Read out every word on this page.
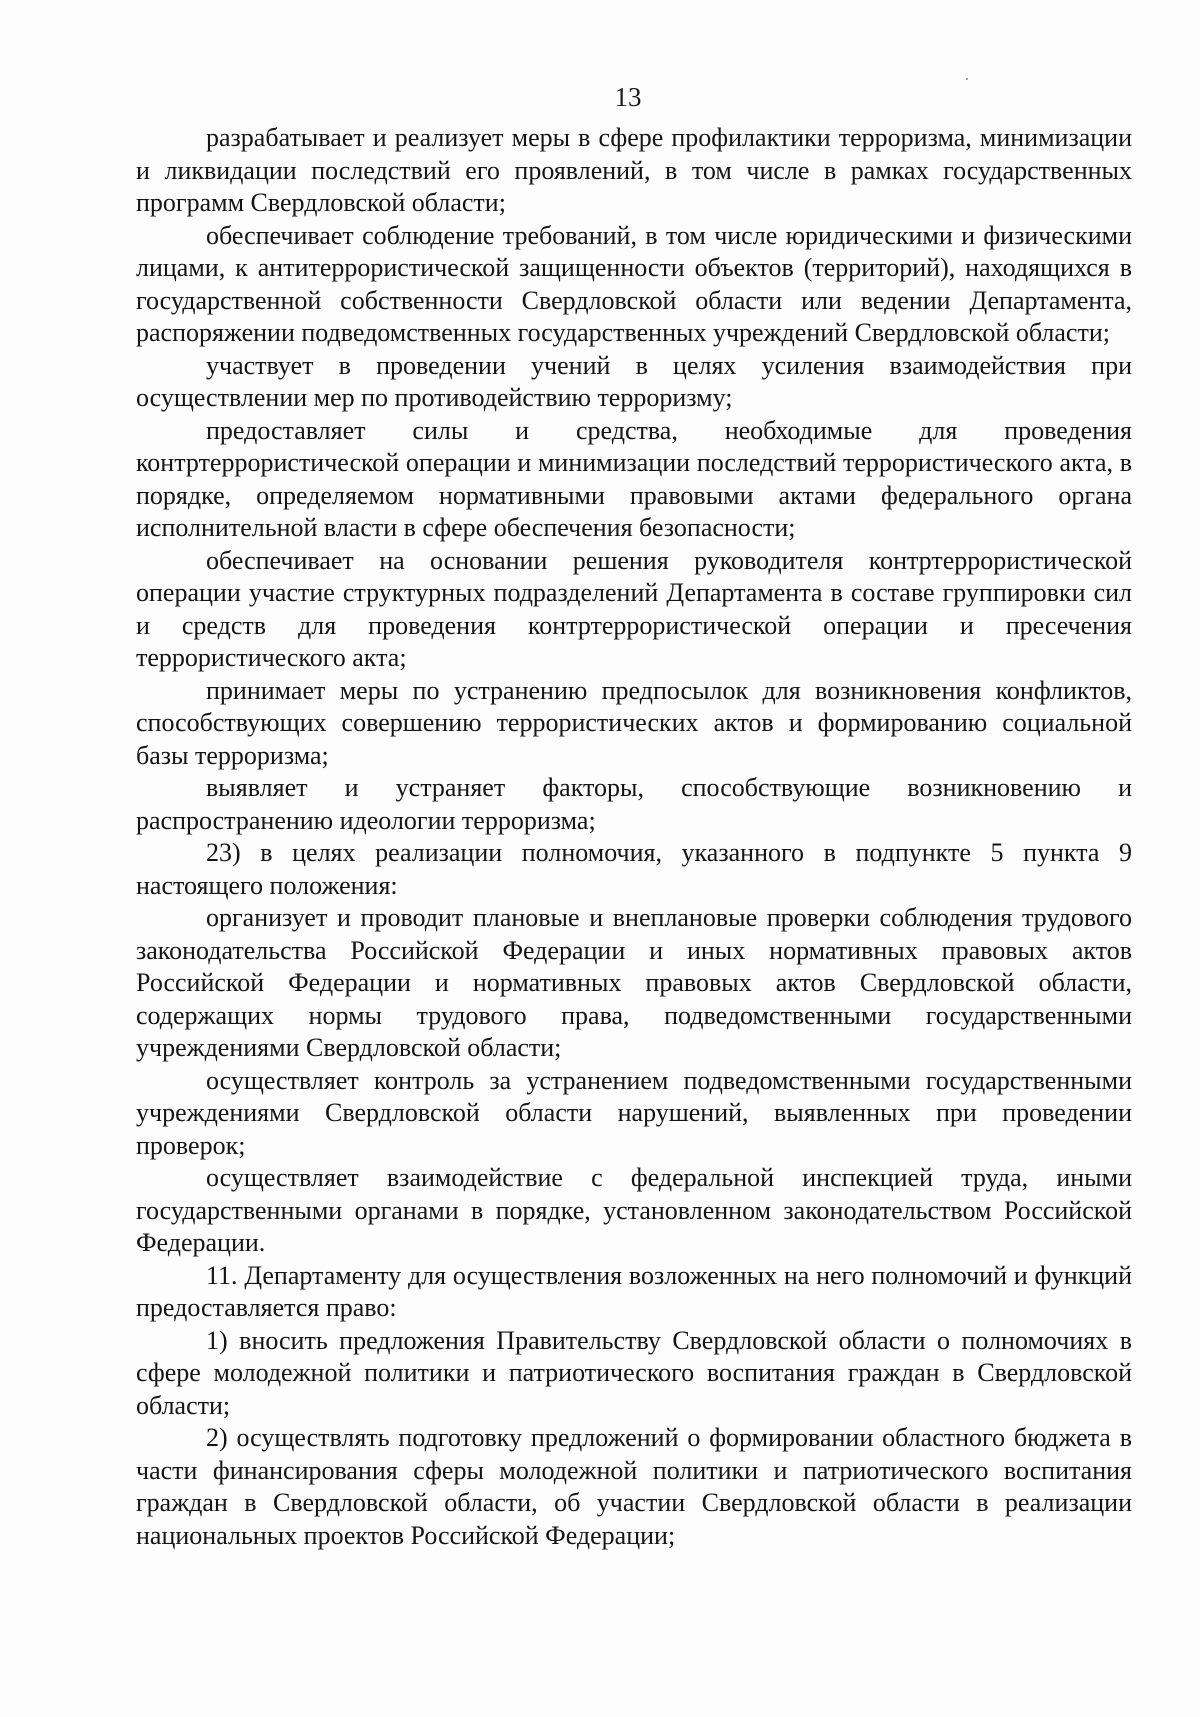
13

разрабатывает и реализует меры в сфере профилактики терроризма, минимизации и ликвидации последствий его проявлений, в том числе в рамках государственных программ Свердловской области;

обеспечивает соблюдение требований, в том числе юридическими и физическими лицами, к антитеррористической защищенности объектов (территорий), находящихся в государственной собственности Свердловской области или ведении Департамента, распоряжении подведомственных государственных учреждений Свердловской области;

участвует в проведении учений в целях усиления взаимодействия при осуществлении мер по противодействию терроризму;

предоставляет силы и средства, необходимые для проведения контртеррористической операции и минимизации последствий террористического акта, в порядке, определяемом нормативными правовыми актами федерального органа исполнительной власти в сфере обеспечения безопасности;

обеспечивает на основании решения руководителя контртеррористической операции участие структурных подразделений Департамента в составе группировки сил и средств для проведения контртеррористической операции и пресечения террористического акта;

принимает меры по устранению предпосылок для возникновения конфликтов, способствующих совершению террористических актов и формированию социальной базы терроризма;

выявляет и устраняет факторы, способствующие возникновению и распространению идеологии терроризма;

23) в целях реализации полномочия, указанного в подпункте 5 пункта 9 настоящего положения:

организует и проводит плановые и внеплановые проверки соблюдения трудового законодательства Российской Федерации и иных нормативных правовых актов Российской Федерации и нормативных правовых актов Свердловской области, содержащих нормы трудового права, подведомственными государственными учреждениями Свердловской области;

осуществляет контроль за устранением подведомственными государственными учреждениями Свердловской области нарушений, выявленных при проведении проверок;

осуществляет взаимодействие с федеральной инспекцией труда, иными государственными органами в порядке, установленном законодательством Российской Федерации.

11. Департаменту для осуществления возложенных на него полномочий и функций предоставляется право:

1) вносить предложения Правительству Свердловской области о полномочиях в сфере молодежной политики и патриотического воспитания граждан в Свердловской области;

2) осуществлять подготовку предложений о формировании областного бюджета в части финансирования сферы молодежной политики и патриотического воспитания граждан в Свердловской области, об участии Свердловской области в реализации национальных проектов Российской Федерации;
